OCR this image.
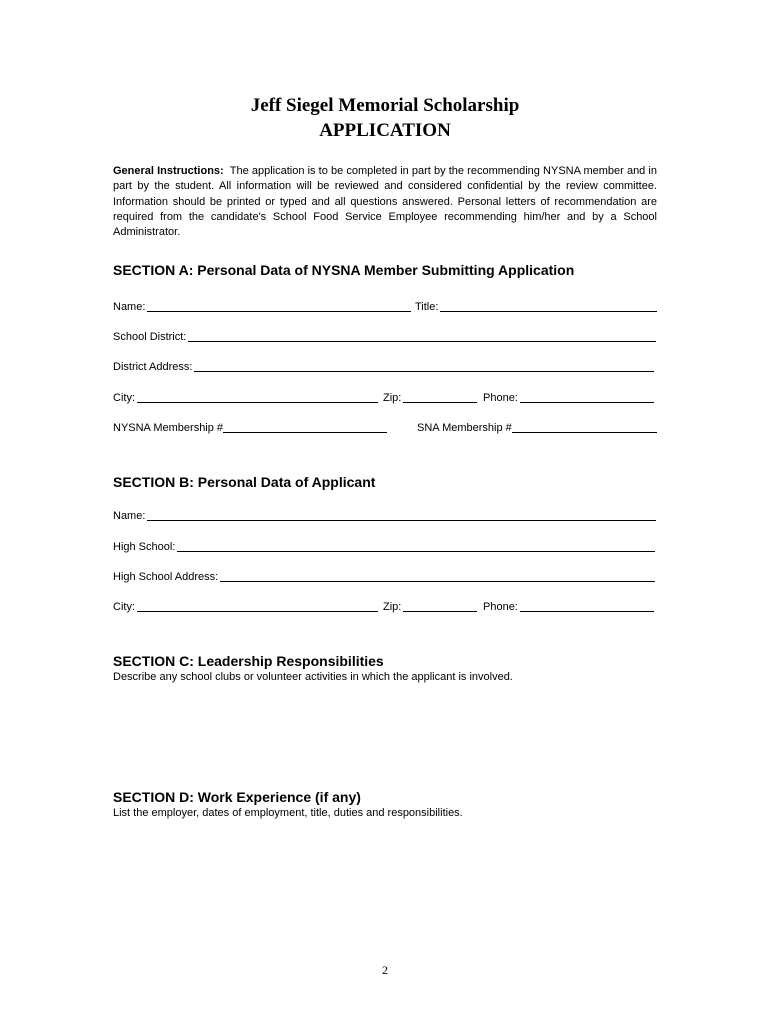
Jeff Siegel Memorial Scholarship
APPLICATION
General Instructions: The application is to be completed in part by the recommending NYSNA member and in part by the student. All information will be reviewed and considered confidential by the review committee. Information should be printed or typed and all questions answered. Personal letters of recommendation are required from the candidate's School Food Service Employee recommending him/her and by a School Administrator.
SECTION A: Personal Data of NYSNA Member Submitting Application
Name:	Title:
School District:
District Address:
City:	Zip:	Phone:
NYSNA Membership #	SNA Membership #
SECTION B: Personal Data of Applicant
Name:
High School:
High School Address:
City:	Zip:	Phone:
SECTION C: Leadership Responsibilities
Describe any school clubs or volunteer activities in which the applicant is involved.
SECTION D: Work Experience (if any)
List the employer, dates of employment, title, duties and responsibilities.
2
